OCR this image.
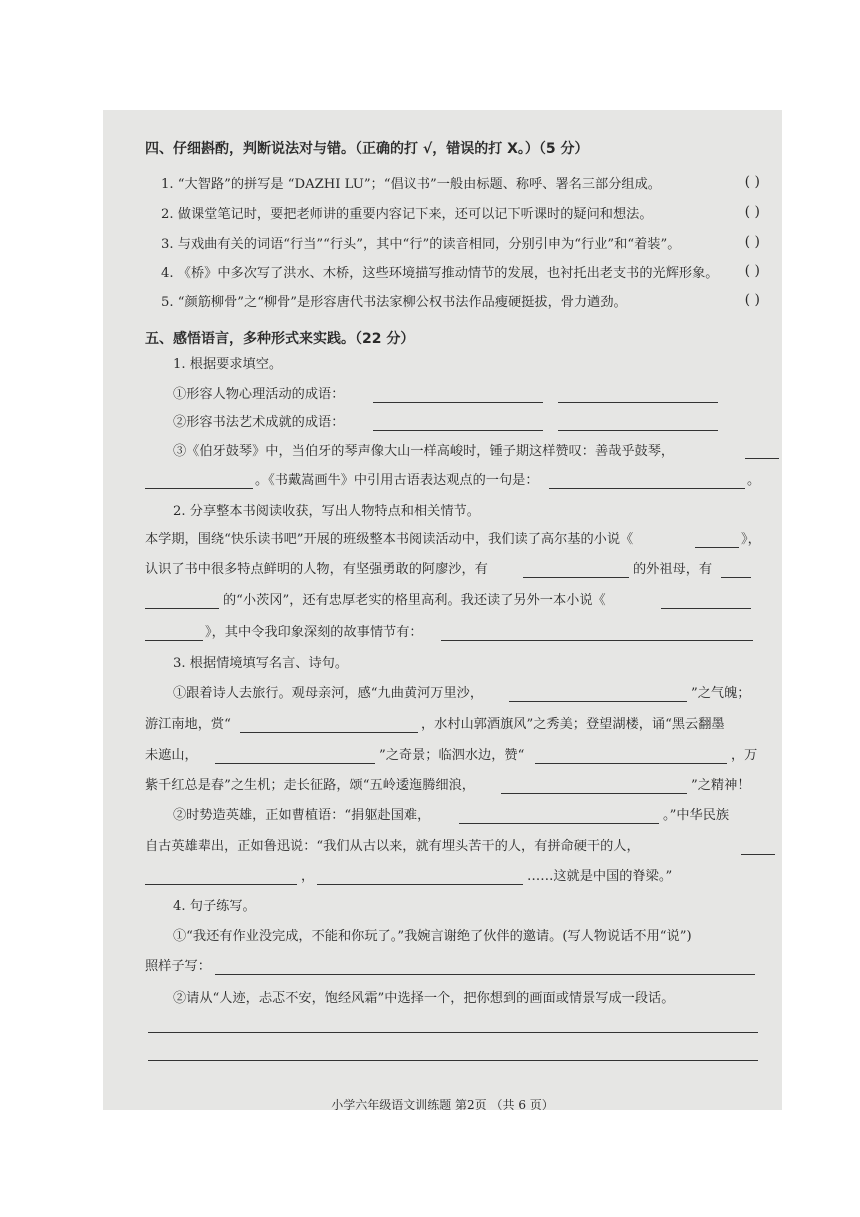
四、仔细斟酌，判断说法对与错。（正确的打 √，错误的打 X。）（5 分）
1. “大智路”的拼写是 “DAZHI LU”；“倡议书”一般由标题、称呼、署名三部分组成。	( )
2. 做课堂笔记时，要把老师讲的重要内容记下来，还可以记下听课时的疑问和想法。	( )
3. 与戏曲有关的词语“行当”“行头”，其中“行”的读音相同，分别引申为“行业”和“着装”。	( )
4. 《桥》中多次写了洪水、木桥，这些环境描写推动情节的发展，也衬托出老支书的光辉形象。 ( )
5. “颜筋柳骨”之“柳骨”是形容唐代书法家柳公权书法作品瘦硬挺拔，骨力遒劲。	( )
五、感悟语言，多种形式来实践。（22 分）
1. 根据要求填空。
①形容人物心理活动的成语：
②形容书法艺术成就的成语：
③《伯牙鼓琴》中，当伯牙的琴声像大山一样高峻时，锺子期这样赞叹：善哉乎鼓琴，
。《书戴嵩画牛》中引用古语表达观点的一句是：	。
2. 分享整本书阅读收获，写出人物特点和相关情节。
本学期，围绕“快乐读书吧”开展的班级整本书阅读活动中，我们读了高尔基的小说《	》，
认识了书中很多特点鲜明的人物，有坚强勇敢的阿廖沙，有	的外祖母，有
的“小茨冈”，还有忠厚老实的格里高利。我还读了另外一本小说《
》，其中令我印象深刻的故事情节有：
3. 根据情境填写名言、诗句。
①跟着诗人去旅行。观母亲河，感“九曲黄河万里沙，	”之气魄；
游江南地，赏“	，水村山郭酒旗风”之秀美；登望湖楼，诵“黑云翻墨
未遮山，	”之奇景；临泗水边，赞“	，万
紫千红总是春”之生机；走长征路，颂“五岭逶迤腾细浪，	”之精神！
②时势造英雄，正如曹植语：“捐躯赴国难，	。”中华民族
自古英雄辈出，正如鲁迅说：“我们从古以来，就有埋头苦干的人，有拼命硬干的人，
，	……这就是中国的脊梁。”
4. 句子练写。
①“我还有作业没完成，不能和你玩了。”我婉言谢绝了伙伴的邀请。(写人物说话不用“说”)
照样子写：
②请从“人迹，忐忑不安，饱经风霜”中选择一个，把你想到的画面或情景写成一段话。
小学六年级语文训练题 第2页 （共 6 页）
